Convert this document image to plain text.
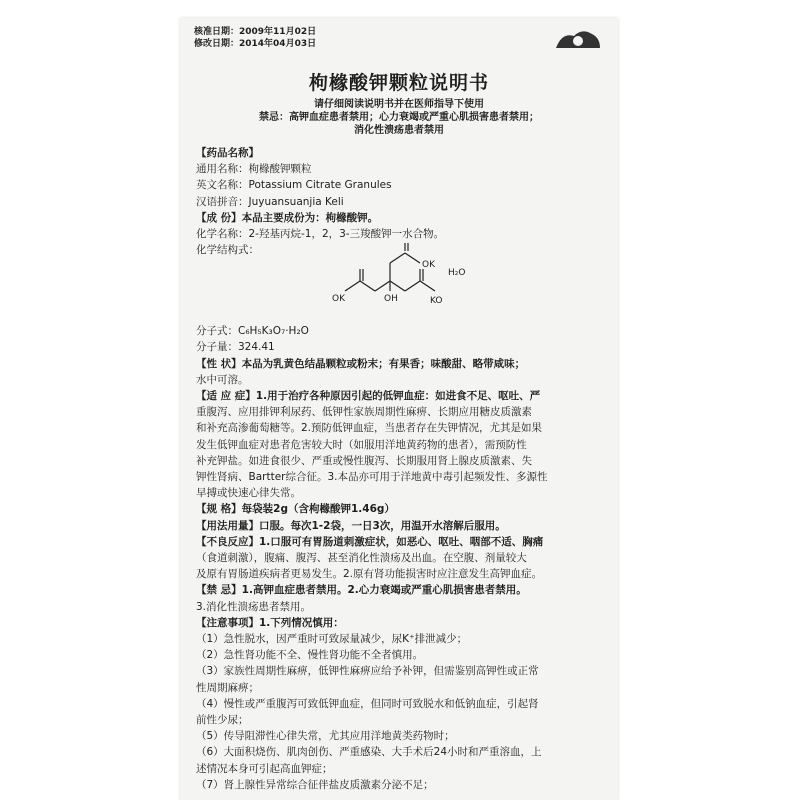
核准日期：2009年11月02日
修改日期：2014年04月03日
枸橼酸钾颗粒说明书
请仔细阅读说明书并在医师指导下使用
禁忌：高钾血症患者禁用；心力衰竭或严重心肌损害患者禁用；
消化性溃疡患者禁用
【药品名称】
通用名称：枸橼酸钾颗粒
英文名称：Potassium Citrate Granules
汉语拼音：Juyuansuanjia Keli
【成 份】本品主要成份为：枸橼酸钾。
化学名称：2-羟基丙烷-1，2，3-三羧酸钾一水合物。
化学结构式：
分子式：C₆H₅K₃O₇·H₂O
分子量：324.41
【性 状】本品为乳黄色结晶颗粒或粉末；有果香；味酸甜、略带咸味；
水中可溶。
【适 应 症】1.用于治疗各种原因引起的低钾血症：如进食不足、呕吐、严
重腹泻、应用排钾利尿药、低钾性家族周期性麻痹、长期应用糖皮质激素
和补充高渗葡萄糖等。2.预防低钾血症，当患者存在失钾情况，尤其是如果
发生低钾血症对患者危害较大时（如服用洋地黄药物的患者），需预防性
补充钾盐。如进食很少、严重或慢性腹泻、长期服用肾上腺皮质激素、失
钾性肾病、Bartter综合征。3.本品亦可用于洋地黄中毒引起频发性、多源性
早搏或快速心律失常。
【规 格】每袋装2g（含枸橼酸钾1.46g）
【用法用量】口服。每次1-2袋，一日3次，用温开水溶解后服用。
【不良反应】1.口服可有胃肠道刺激症状，如恶心、呕吐、咽部不适、胸痛
（食道刺激），腹痛、腹泻、甚至消化性溃疡及出血。在空腹、剂量较大
及原有胃肠道疾病者更易发生。2.原有肾功能损害时应注意发生高钾血症。
【禁 忌】1.高钾血症患者禁用。2.心力衰竭或严重心肌损害患者禁用。
3.消化性溃疡患者禁用。
【注意事项】1.下列情况慎用：
（1）急性脱水，因严重时可致尿量减少，尿K⁺排泄减少；
（2）急性肾功能不全、慢性肾功能不全者慎用。
（3）家族性周期性麻痹，低钾性麻痹应给予补钾，但需鉴别高钾性或正常
性周期麻痹；
（4）慢性或严重腹泻可致低钾血症，但同时可致脱水和低钠血症，引起肾
前性少尿；
（5）传导阻滞性心律失常，尤其应用洋地黄类药物时；
（6）大面积烧伤、肌肉创伤、严重感染、大手术后24小时和严重溶血，上
述情况本身可引起高血钾症；
（7）肾上腺性异常综合征伴盐皮质激素分泌不足；
OK
OH
OK	KO
H₂O
